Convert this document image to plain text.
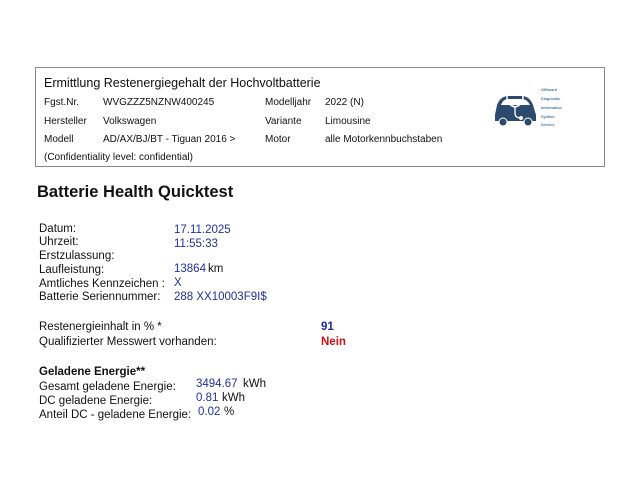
Ermittlung Restenergiegehalt der Hochvoltbatterie
Fgst.Nr. WVGZZZ5NZNW400245	Modelljahr 2022 (N)
Hersteller Volkswagen	Variante Limousine
Modell	AD/AX/BJ/BT - Tiguan 2016 >	Motor	alle Motorkennbuchstaben
(Confidentiality level: confidential)
Offboard
Diagnostic
Information
System
Service
Batterie Health Quicktest
Datum:	17.11.2025
Uhrzeit:	11:55:33
Erstzulassung:
Laufleistung:	13864 km
Amtliches Kennzeichen : X
Batterie Seriennummer: 288 XX10003F9I$
Restenergieinhalt in % *	91
Qualifizierter Messwert vorhanden:	Nein
Geladene Energie**
Gesamt geladene Energie: 3494.67 kWh
DC geladene Energie:	0.81 kWh
Anteil DC - geladene Energie: 0.02 %
